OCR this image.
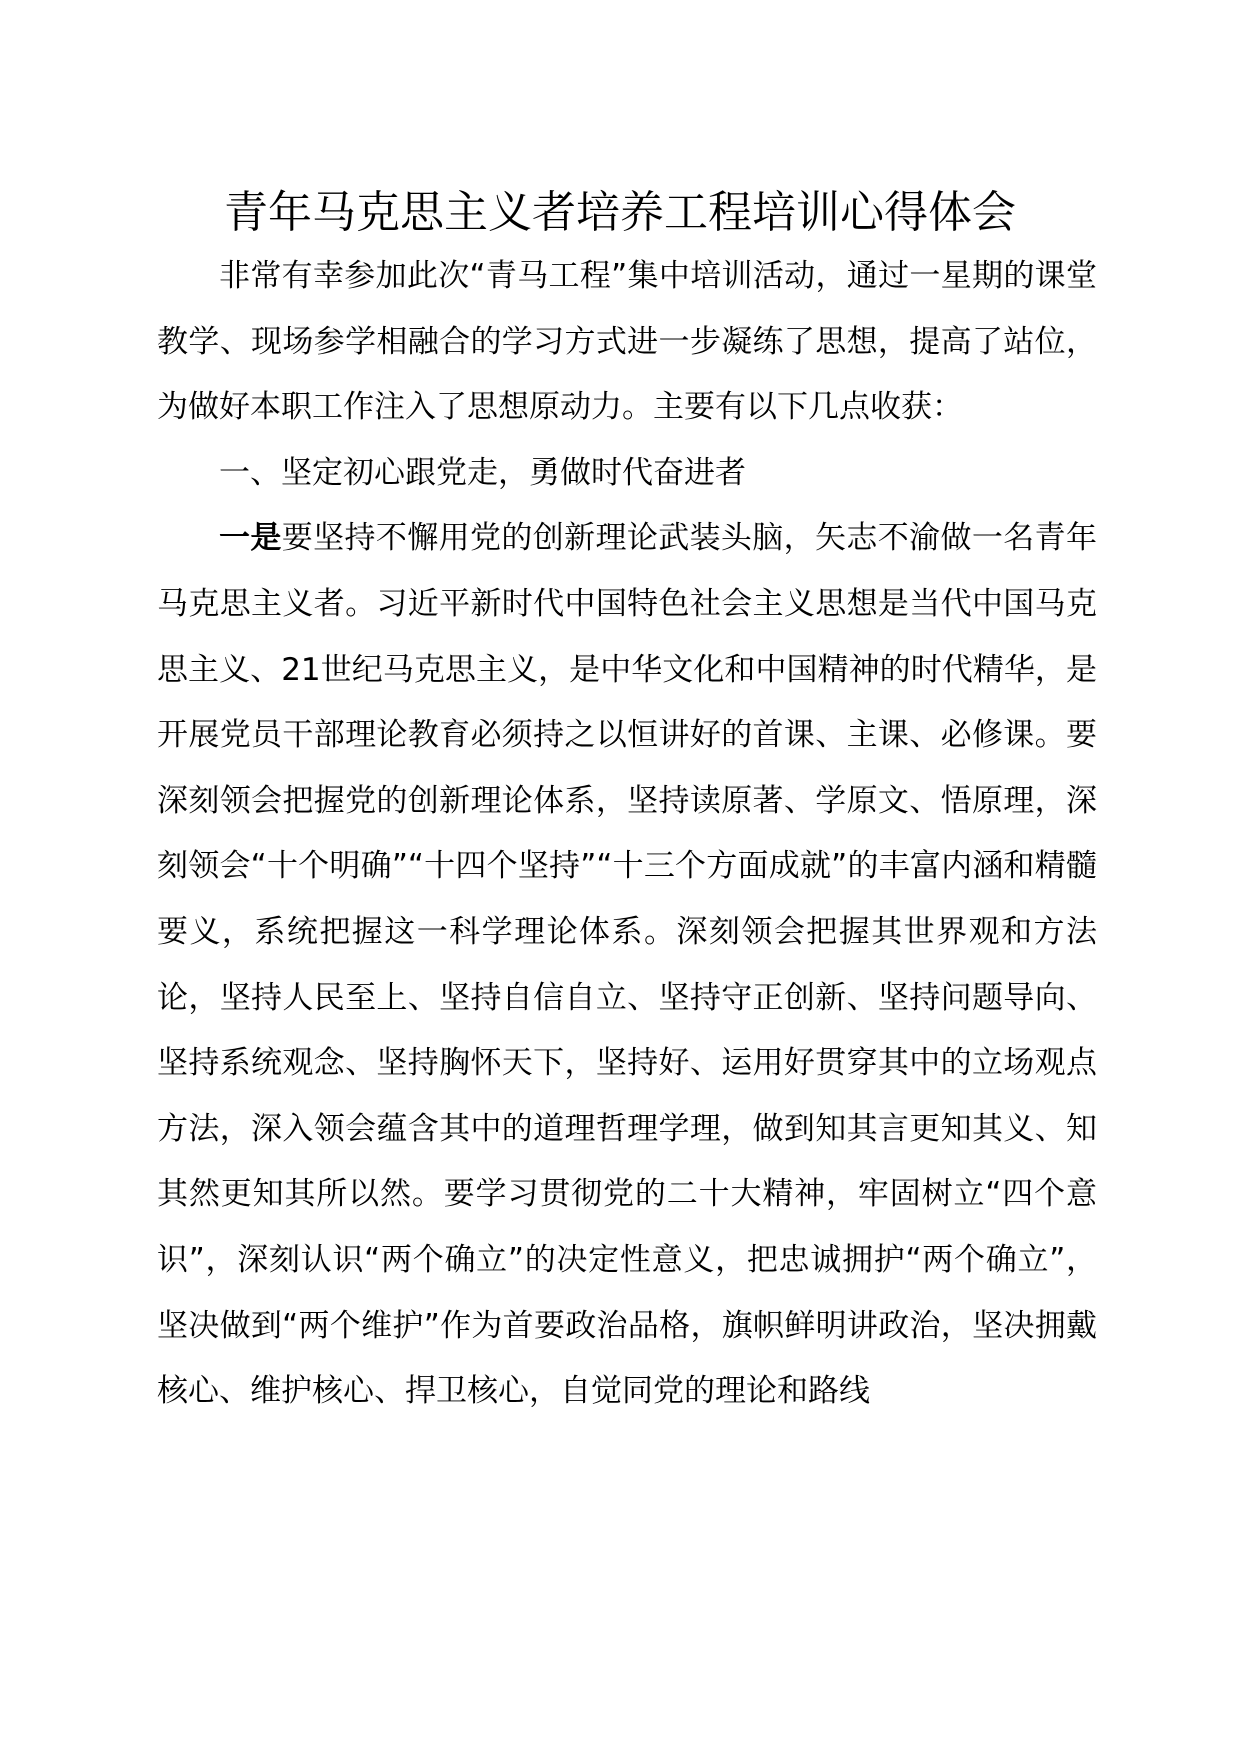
青年马克思主义者培养工程培训心得体会

非常有幸参加此次“青马工程”集中培训活动，通过一星期的课堂教学、现场参学相融合的学习方式进一步凝练了思想，提高了站位，为做好本职工作注入了思想原动力。主要有以下几点收获：

一、坚定初心跟党走，勇做时代奋进者

一是要坚持不懈用党的创新理论武装头脑，矢志不渝做一名青年马克思主义者。习近平新时代中国特色社会主义思想是当代中国马克思主义、21世纪马克思主义，是中华文化和中国精神的时代精华，是开展党员干部理论教育必须持之以恒讲好的首课、主课、必修课。要深刻领会把握党的创新理论体系，坚持读原著、学原文、悟原理，深刻领会“十个明确”“十四个坚持”“十三个方面成就”的丰富内涵和精髓要义，系统把握这一科学理论体系。深刻领会把握其世界观和方法论，坚持人民至上、坚持自信自立、坚持守正创新、坚持问题导向、坚持系统观念、坚持胸怀天下，坚持好、运用好贯穿其中的立场观点方法，深入领会蕴含其中的道理哲理学理，做到知其言更知其义、知其然更知其所以然。要学习贯彻党的二十大精神，牢固树立“四个意识”，深刻认识“两个确立”的决定性意义，把忠诚拥护“两个确立”，坚决做到“两个维护”作为首要政治品格，旗帜鲜明讲政治，坚决拥戴核心、维护核心、捍卫核心，自觉同党的理论和路线
